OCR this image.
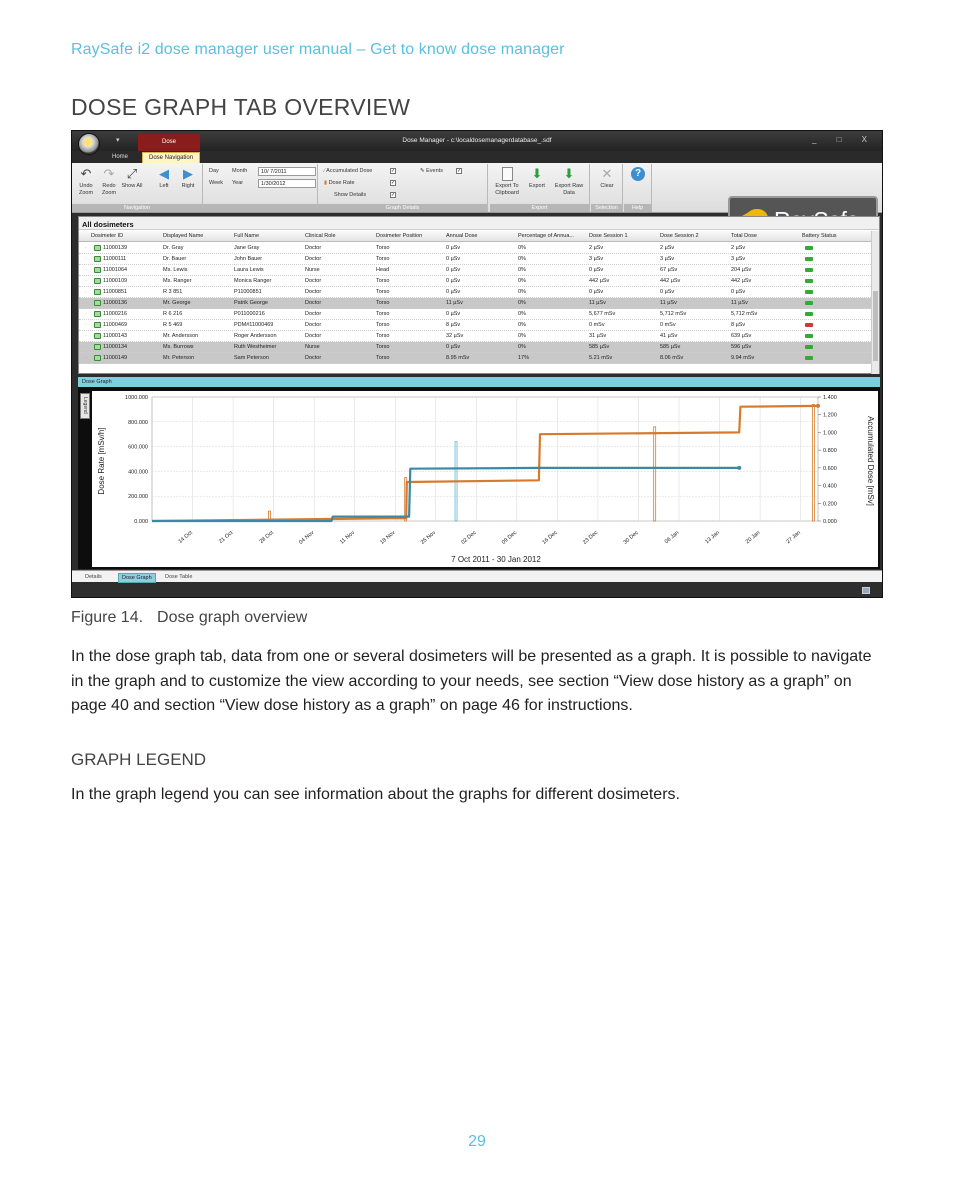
RaySafe i2 dose manager user manual – Get to know dose manager
DOSE GRAPH TAB OVERVIEW
▾	Dose	Dose Manager - c:\localdosemanagerdatabase_.sdf	_ □ X
Home	Dose Navigation
↶
Undo Zoom
↷
Redo Zoom
⤢
Show All
◀
Left
▶
Right
Navigation
Day Month
Week Year
10/ 7/2011
1/30/2012
∕ Accumulated Dose	✓
▮ Dose Rate	✓
Show Details	✓
✎ Events	✓
Graph Details
Export To Clipboard
⬇
Export
⬇
Export Raw Data
Export
✕
Clear
Selection
?
Help
All dosimeters
Dosimeter ID	Displayed Name	Full Name	Clinical Role	Dosimeter Position	Annual Dose	Percentage of Annua...	Dose Session 1	Dose Session 2	Total Dose	Battery Status
·	11000139	Dr. Gray	Jane Gray	Doctor	Torso	0 µSv	0%	2 µSv	2 µSv	2 µSv
·	11000111	Dr. Bauer	John Bauer	Doctor	Torso	0 µSv	0%	3 µSv	3 µSv	3 µSv
·	11001064	Ms. Lewis	Laura Lewis	Nurse	Head	0 µSv	0%	0 µSv	67 µSv	204 µSv
·	11000109	Ms. Ranger	Monica Ranger	Doctor	Torso	0 µSv	0%	442 µSv	442 µSv	442 µSv
·	11000851	R 3 851	P11000851	Doctor	Torso	0 µSv	0%	0 µSv	0 µSv	0 µSv
·	11000136	Mr. George	Patrik George	Doctor	Torso	11 µSv	0%	11 µSv	11 µSv	11 µSv
·	11000216	R 6 216	P011000216	Doctor	Torso	0 µSv	0%	5,677 mSv	5,712 mSv	5,712 mSv
·	11000469	R 5 469	PDM#11000469	Doctor	Torso	8 µSv	0%	0 mSv	0 mSv	8 µSv
·	11000143	Mr. Andersson	Roger Andersson	Doctor	Torso	32 µSv	0%	31 µSv	41 µSv	639 µSv
·	11000134	Ms. Burrows	Ruth Westheimer	Nurse	Torso	0 µSv	0%	585 µSv	585 µSv	596 µSv
·	11000149	Mr. Peterson	Sam Peterson	Doctor	Torso	8.95 mSv	17%	5.21 mSv	8.06 mSv	9.94 mSv
Dose Graph
Legend
14 Oct	21 Oct	28 Oct	04 Nov	11 Nov	18 Nov	25 Nov	02 Dec	09 Dec	16 Dec	23 Dec	30 Dec	06 Jan	13 Jan	20 Jan	27 Jan
0.000
200.000
400.000
600.000
800.000
1000.000
0.000
0.200
0.400
0.600
0.800
1.000
1.200
1.400
Dose Rate [mSv/h]	Accumulated Dose [mSv]
7 Oct 2011 - 30 Jan 2012
Details	Dose Graph	Dose Table
Figure 14. Dose graph overview
In the dose graph tab, data from one or several dosimeters will be presented as a graph. It is possible to navigate in the graph and to customize the view according to your needs, see section “View dose history as a graph” on page 40 and section “View dose history as a graph” on page 46 for instructions.
GRAPH LEGEND
In the graph legend you can see information about the graphs for different dosimeters.
29
